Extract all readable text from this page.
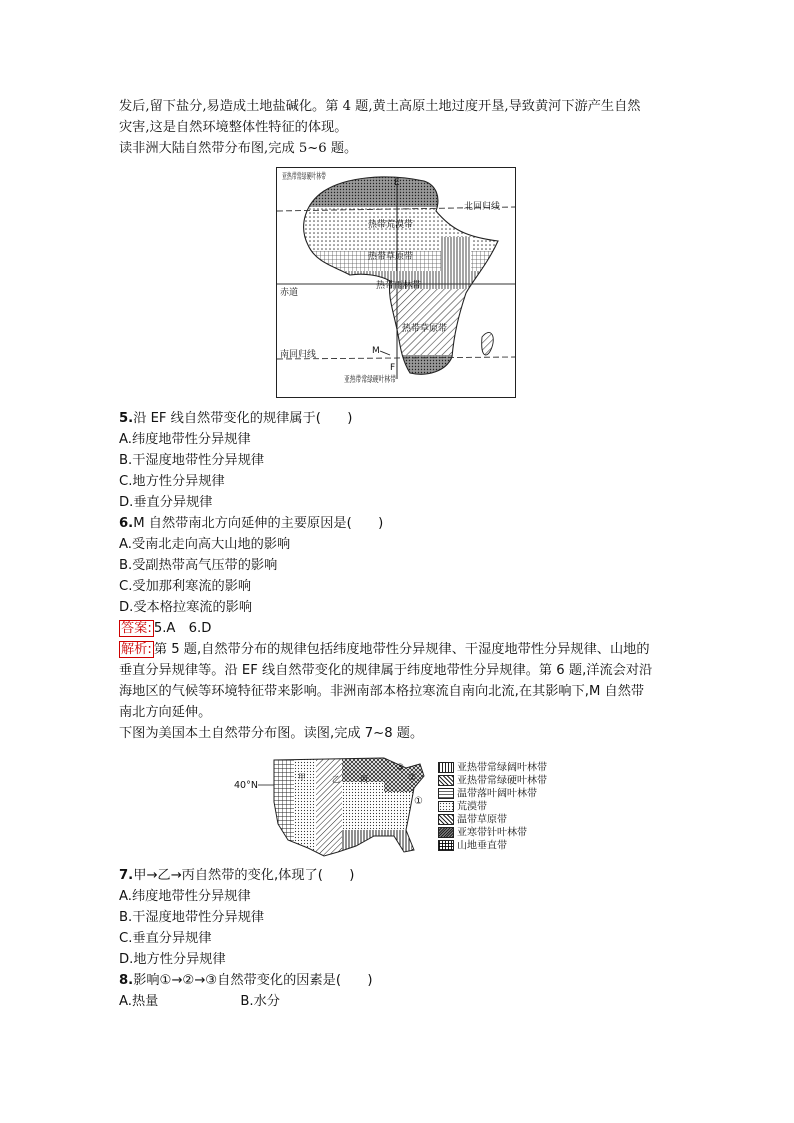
发后,留下盐分,易造成土地盐碱化。第 4 题,黄土高原土地过度开垦,导致黄河下游产生自然
灾害,这是自然环境整体性特征的体现。
读非洲大陆自然带分布图,完成 5~6 题。
亚热带常绿硬叶林带
E
北回归线
热带荒漠带
热带草原带
赤道
热带雨林带
热带草原带
南回归线	M
F
亚热带常绿硬叶林带
5.沿 EF 线自然带变化的规律属于(　　)
A.纬度地带性分异规律
B.干湿度地带性分异规律
C.地方性分异规律
D.垂直分异规律
6.M 自然带南北方向延伸的主要原因是(　　)
A.受南北走向高大山地的影响
B.受副热带高气压带的影响
C.受加那利寒流的影响
D.受本格拉寒流的影响
答案: 5.A　6.D
解析: 第 5 题,自然带分布的规律包括纬度地带性分异规律、干湿度地带性分异规律、山地的
垂直分异规律等。沿 EF 线自然带变化的规律属于纬度地带性分异规律。第 6 题,洋流会对沿
海地区的气候等环境特征带来影响。非洲南部本格拉寒流自南向北流,在其影响下,M 自然带
南北方向延伸。
下图为美国本土自然带分布图。读图,完成 7~8 题。
40°N
甲	乙	丙
①
②
③	亚热带常绿阔叶林带
亚热带常绿硬叶林带
温带落叶阔叶林带
荒漠带
温带草原带
亚寒带针叶林带
山地垂直带
7.甲→乙→丙自然带的变化,体现了(　　)
A.纬度地带性分异规律
B.干湿度地带性分异规律
C.垂直分异规律
D.地方性分异规律
8.影响①→②→③自然带变化的因素是(　　)
A.热量	B.水分
